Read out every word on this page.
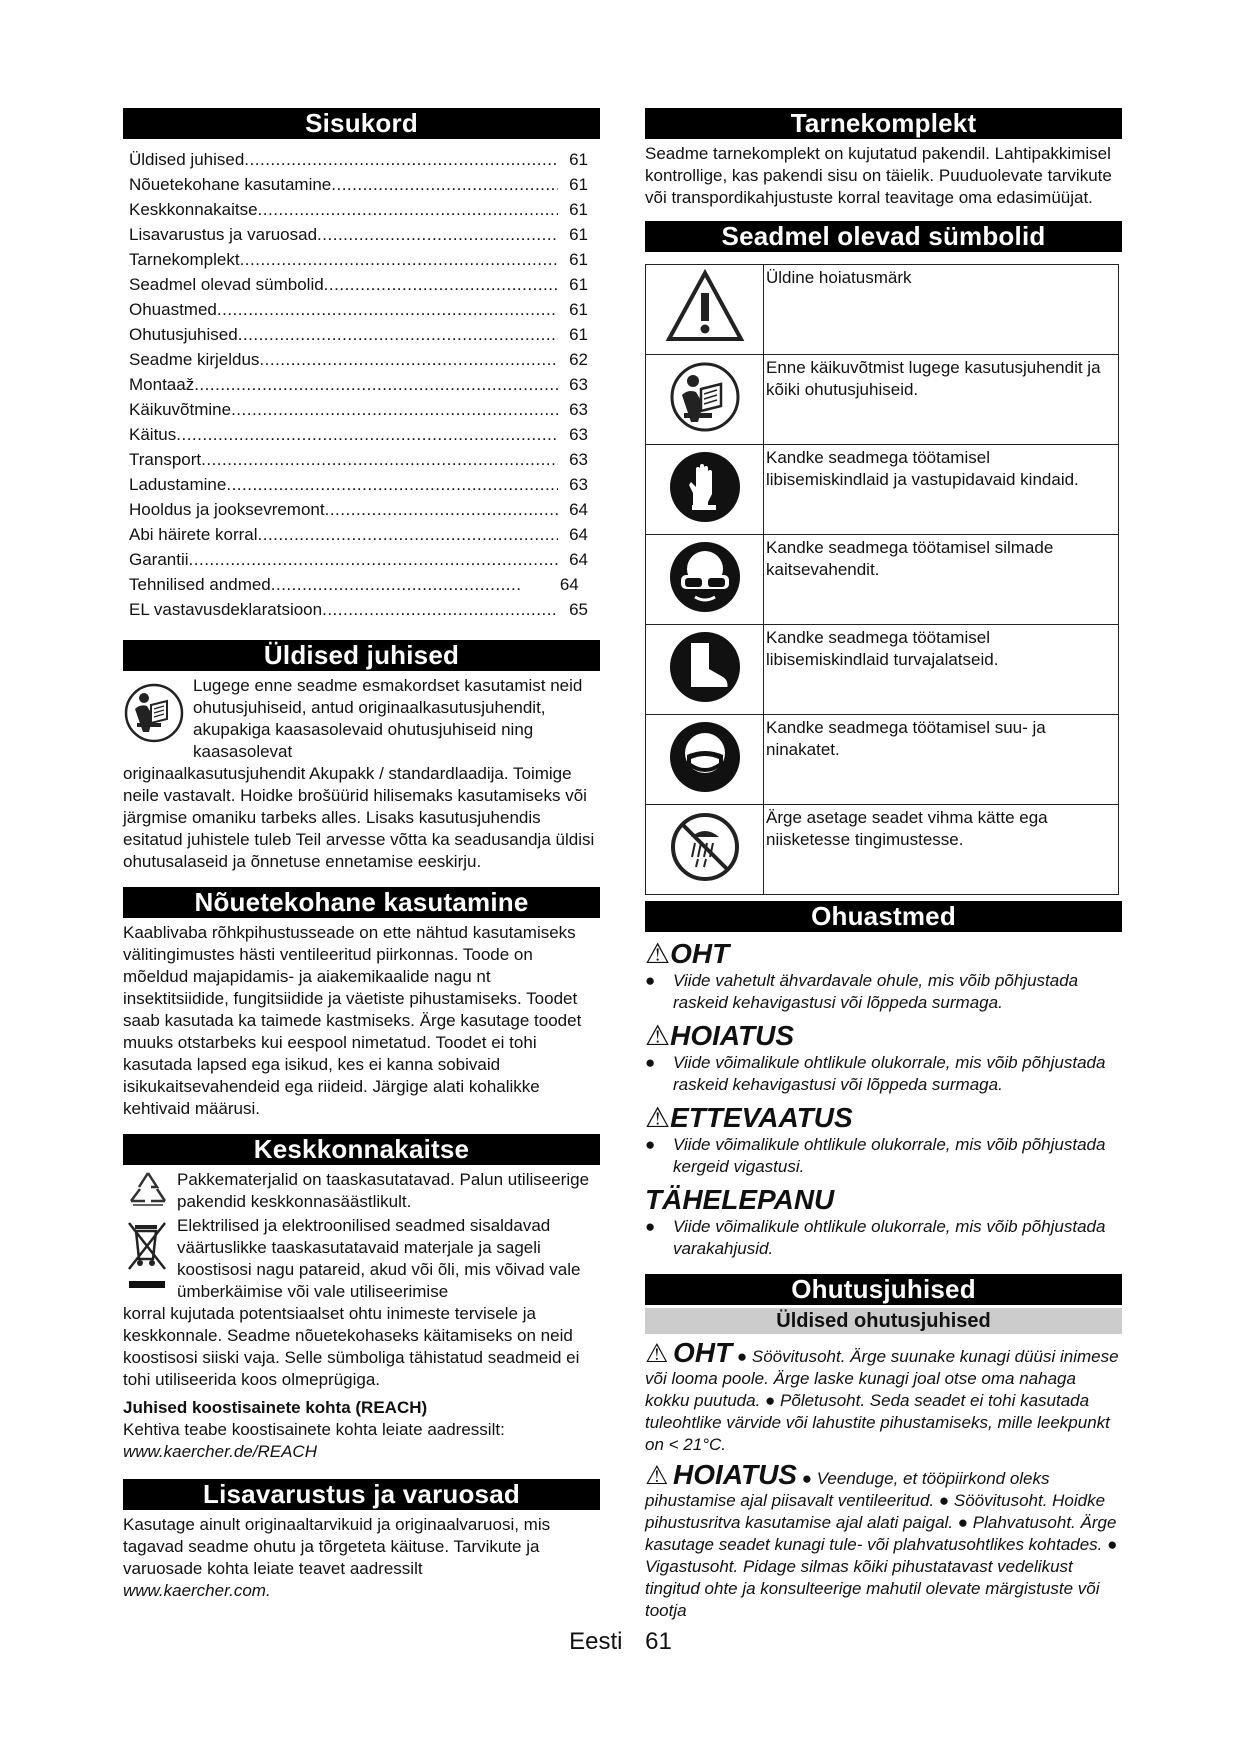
Sisukord
Üldised juhised .....	61
Nõuetekohane kasutamine .....	61
Keskkonnakaitse .....	61
Lisavarustus ja varuosad .....	61
Tarnekomplekt .....	61
Seadmel olevad sümbolid .....	61
Ohuastmed .....	61
Ohutusjuhised .....	61
Seadme kirjeldus .....	62
Montaaž .....	63
Käikuvõtmine .....	63
Käitus .....	63
Transport .....	63
Ladustamine .....	63
Hooldus ja jooksevremont .....	64
Abi häirete korral .....	64
Garantii .....	64
Tehnilised andmed .....	64
EL vastavusdeklaratsioon .....	65
Üldised juhised

Lugege enne seadme esmakordset kasutamist neid ohutusjuhiseid, antud originaalkasutusjuhendit, akupakiga kaasasolevaid ohutusjuhiseid ning kaasasolevat

originaalkasutusjuhendit Akupakk / standardlaadija. Toimige neile vastavalt. Hoidke brošüürid hilisemaks kasutamiseks või järgmise omaniku tarbeks alles. Lisaks kasutusjuhendis esitatud juhistele tuleb Teil arvesse võtta ka seadusandja üldisi ohutusalaseid ja õnnetuse ennetamise eeskirju.

Nõuetekohane kasutamine

Kaablivaba rõhkpihustusseade on ette nähtud kasutamiseks välitingimustes hästi ventileeritud piirkonnas. Toode on mõeldud majapidamis- ja aiakemikaalide nagu nt insektitsiidide, fungitsiidide ja väetiste pihustamiseks. Toodet saab kasutada ka taimede kastmiseks. Ärge kasutage toodet muuks otstarbeks kui eespool nimetatud. Toodet ei tohi kasutada lapsed ega isikud, kes ei kanna sobivaid isikukaitsevahendeid ega riideid. Järgige alati kohalikke kehtivaid määrusi.

Keskkonnakaitse

Pakkematerjalid on taaskasutatavad. Palun utiliseerige pakendid keskkonnasäästlikult.

Elektrilised ja elektroonilised seadmed sisaldavad väärtuslikke taaskasutatavaid materjale ja sageli koostisosi nagu patareid, akud või õli, mis võivad vale ümberkäimise või vale utiliseerimise

korral kujutada potentsiaalset ohtu inimeste tervisele ja keskkonnale. Seadme nõuetekohaseks käitamiseks on neid koostisosi siiski vaja. Selle sümboliga tähistatud seadmeid ei tohi utiliseerida koos olmeprügiga.

Juhised koostisainete kohta (REACH)

Kehtiva teabe koostisainete kohta leiate aadressilt:

www.kaercher.de/REACH

Lisavarustus ja varuosad

Kasutage ainult originaaltarvikuid ja originaalvaruosi, mis tagavad seadme ohutu ja tõrgeteta käituse. Tarvikute ja varuosade kohta leiate teavet aadressilt

www.kaercher.com.

Tarnekomplekt

Seadme tarnekomplekt on kujutatud pakendil. Lahtipakkimisel kontrollige, kas pakendi sisu on täielik. Puuduolevate tarvikute või transpordikahjustuste korral teavitage oma edasimüüjat.

Seadmel olevad sümbolid
	Üldine hoiatusmärk
	Enne käikuvõtmist lugege kasutusjuhendit ja kõiki ohutusjuhiseid.
	Kandke seadmega töötamisel libisemiskindlaid ja vastupidavaid kindaid.
	Kandke seadmega töötamisel silmade kaitsevahendit.
	Kandke seadmega töötamisel libisemiskindlaid turvajalatseid.
	Kandke seadmega töötamisel suu- ja ninakatet.
	Ärge asetage seadet vihma kätte ega niisketesse tingimustesse.
Ohuastmed
⚠OHT
●	Viide vahetult ähvardavale ohule, mis võib põhjustada raskeid kehavigastusi või lõppeda surmaga.
⚠HOIATUS
●	Viide võimalikule ohtlikule olukorrale, mis võib põhjustada raskeid kehavigastusi või lõppeda surmaga.
⚠ETTEVAATUS
●	Viide võimalikule ohtlikule olukorrale, mis võib põhjustada kergeid vigastusi.
TÄHELEPANU
●	Viide võimalikule ohtlikule olukorrale, mis võib põhjustada varakahjusid.
Ohutusjuhised
Üldised ohutusjuhised

⚠ OHT ● Söövitusoht. Ärge suunake kunagi düüsi inimese või looma poole. Ärge laske kunagi joal otse oma nahaga kokku puutuda. ● Põletusoht. Seda seadet ei tohi kasutada tuleohtlike värvide või lahustite pihustamiseks, mille leekpunkt on < 21°C.

⚠ HOIATUS ● Veenduge, et tööpiirkond oleks pihustamise ajal piisavalt ventileeritud. ● Söövitusoht. Hoidke pihustusritva kasutamise ajal alati paigal. ● Plahvatusoht. Ärge kasutage seadet kunagi tule- või plahvatusohtlikes kohtades. ● Vigastusoht. Pidage silmas kõiki pihustatavast vedelikust tingitud ohte ja konsulteerige mahutil olevate märgistuste või tootja

Eesti 61
